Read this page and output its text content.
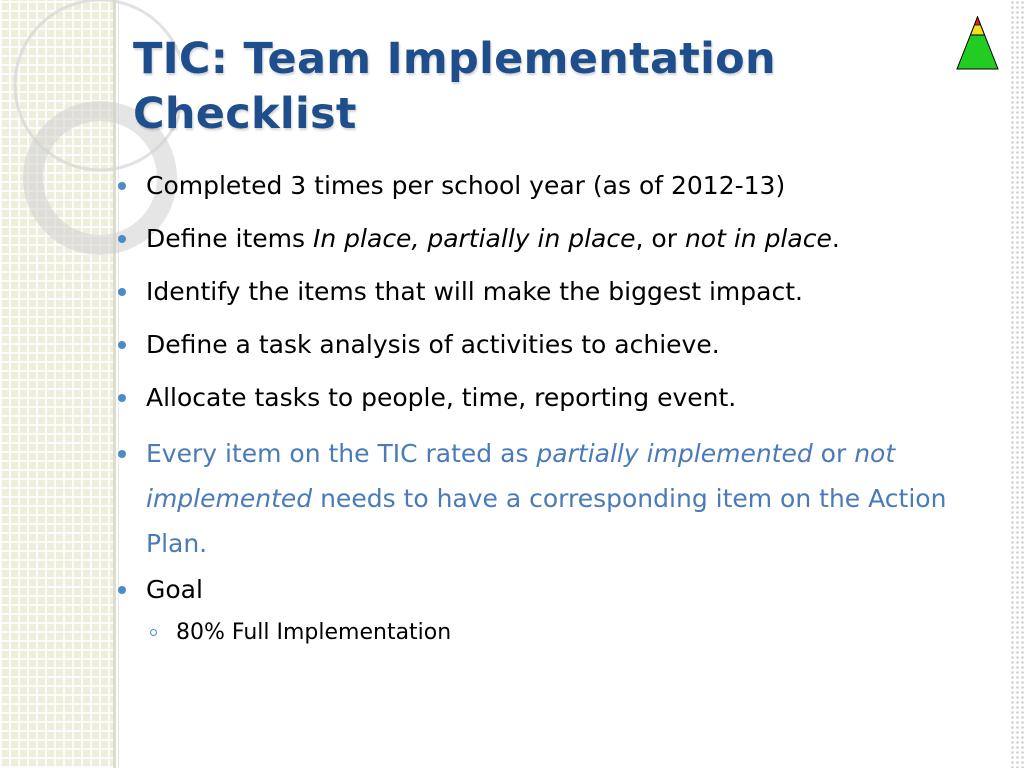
TIC: Team Implementation
Checklist
Completed 3 times per school year (as of 2012-13)
Define items In place, partially in place, or not in place.
Identify the items that will make the biggest impact.
Define a task analysis of activities to achieve.
Allocate tasks to people, time, reporting event.
Every item on the TIC rated as partially implemented or not implemented needs to have a corresponding item on the Action Plan.
Goal
80% Full Implementation
